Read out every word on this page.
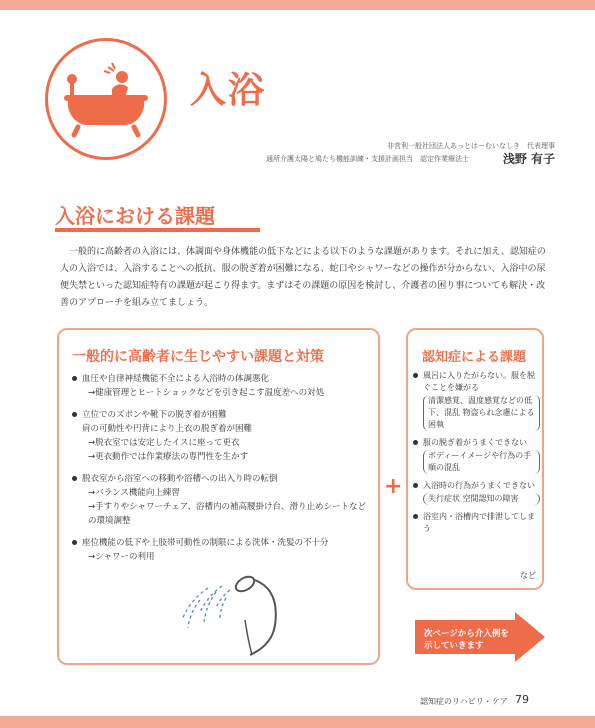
入浴
非営利一般社団法人あっとはーむいなしき　代表理事
通所介護太陽と鳩たち機能訓練・支援計画担当　認定作業療法士	浅野 有子
入浴における課題
一般的に高齢者の入浴には、体調面や身体機能の低下などによる以下のような課題があります。それに加え、認知症の人の入浴では、入浴することへの抵抗、服の脱ぎ着が困難になる、蛇口やシャワーなどの操作が分からない、入浴中の尿便失禁といった認知症特有の課題が起こり得ます。まずはその課題の原因を検討し、介護者の困り事についても解決・改善のアプローチを組み立てましょう。
一般的に高齢者に生じやすい課題と対策
血圧や自律神経機能不全による入浴時の体調悪化
→健康管理とヒートショックなどを引き起こす温度差への対処
立位でのズボンや靴下の脱ぎ着が困難
肩の可動性や円背により上衣の脱ぎ着が困難
→脱衣室では安定したイスに座って更衣
→更衣動作では作業療法の専門性を生かす
脱衣室から浴室への移動や浴槽への出入り時の転倒
→バランス機能向上練習
→手すりやシャワーチェア、浴槽内の補高腰掛け台、滑り止めシートなどの環境調整
座位機能の低下や上肢帯可動性の制限による洗体・洗髪の不十分
→シャワーの利用
+
認知症による課題
風呂に入りたがらない。服を脱ぐことを嫌がる
清潔感覚、温度感覚などの低下、混乱 物盗られ念慮による困執
服の脱ぎ着がうまくできない
ボディーイメージや行為の手順の混乱
入浴時の行為がうまくできない
失行症状 空間認知の障害
浴室内・浴槽内で排泄してしまう
など
次ページから介入例を
示していきます
認知症のリハビリ・ケア 79
